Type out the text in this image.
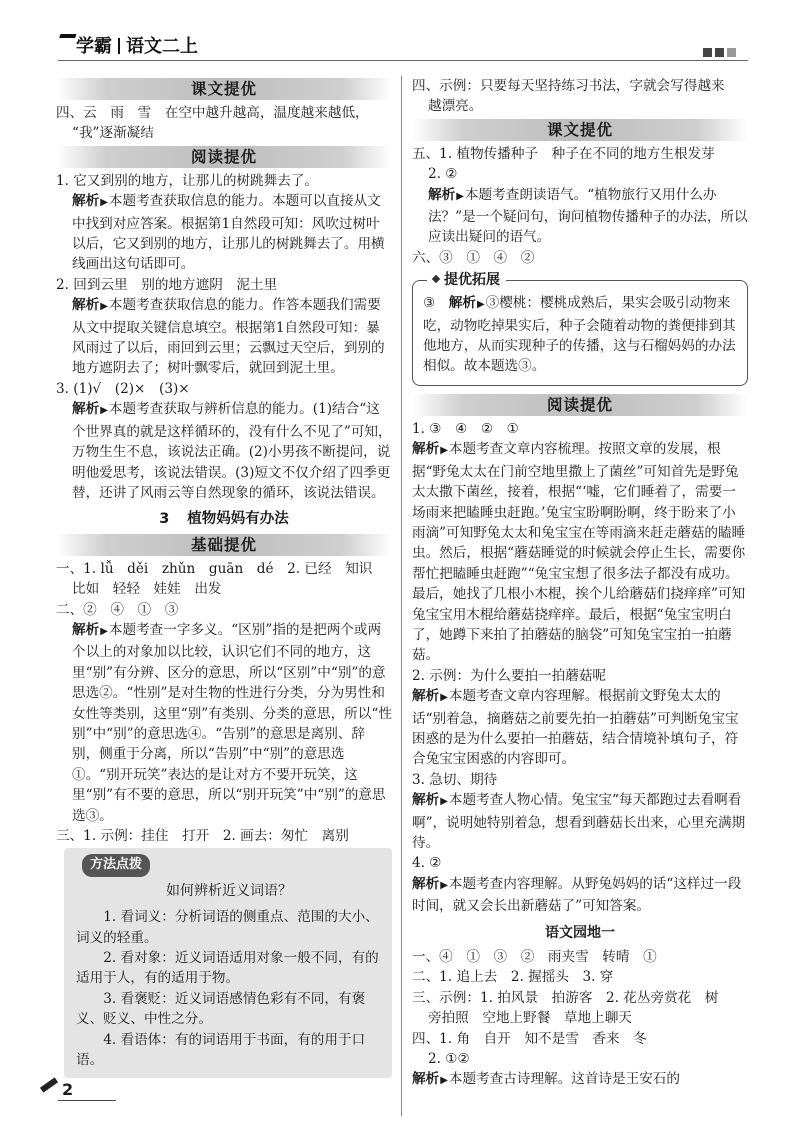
学霸 语文二上
课文提优

四、云　雨　雪　在空中越升越高，温度越来越低，

“我”逐渐凝结

阅读提优

1. 它又到别的地方，让那儿的树跳舞去了。

解析 ▶ 本题考查获取信息的能力。本题可以直接从文中找到对应答案。根据第1自然段可知：风吹过树叶以后，它又到别的地方，让那儿的树跳舞去了。用横线画出这句话即可。

2. 回到云里　别的地方遮阴　泥土里

解析 ▶ 本题考查获取信息的能力。作答本题我们需要从文中提取关键信息填空。根据第1自然段可知：暴风雨过了以后，雨回到云里；云飘过天空后，到别的地方遮阴去了；树叶飘零后，就回到泥土里。

3. (1)√　(2)×　(3)×

解析 ▶ 本题考查获取与辨析信息的能力。(1)结合“这个世界真的就是这样循环的，没有什么不见了”可知，万物生生不息，该说法正确。(2)小男孩不断提问，说明他爱思考，该说法错误。(3)短文不仅介绍了四季更替，还讲了风雨云等自然现象的循环，该说法错误。

3 植物妈妈有办法
基础提优

一、1. lǚ　děi　zhǔn　guān　dé　2. 已经　知识

比如　轻轻　娃娃　出发

二、②　④　①　③

解析 ▶ 本题考查一字多义。“区别”指的是把两个或两个以上的对象加以比较，认识它们不同的地方，这里“别”有分辨、区分的意思，所以“区别”中“别”的意思选②。“性别”是对生物的性进行分类，分为男性和女性等类别，这里“别”有类别、分类的意思，所以“性别”中“别”的意思选④。“告别”的意思是离别、辞别，侧重于分离，所以“告别”中“别”的意思选①。“别开玩笑”表达的是让对方不要开玩笑，这里“别”有不要的意思，所以“别开玩笑”中“别”的意思选③。

三、1. 示例：挂住　打开　2. 画去：匆忙　离别

方法点拨
如何辨析近义词语？

1. 看词义：分析词语的侧重点、范围的大小、词义的轻重。

2. 看对象：近义词语适用对象一般不同，有的适用于人，有的适用于物。

3. 看褒贬：近义词语感情色彩有不同，有褒义、贬义、中性之分。

4. 看语体：有的词语用于书面，有的用于口语。

四、示例：只要每天坚持练习书法，字就会写得越来

越漂亮。

课文提优

五、1. 植物传播种子　种子在不同的地方生根发芽

2. ②

解析 ▶ 本题考查朗读语气。“植物旅行又用什么办法？”是一个疑问句，询问植物传播种子的办法，所以应读出疑问的语气。

六、③　①　④　②

提优拓展

③　 解析 ▶ ③樱桃：樱桃成熟后，果实会吸引动物来吃，动物吃掉果实后，种子会随着动物的粪便排到其他地方，从而实现种子的传播，这与石榴妈妈的办法相似。故本题选③。

阅读提优

1. ③　④　②　①

解析 ▶ 本题考查文章内容梳理。按照文章的发展，根据“野兔太太在门前空地里撒上了菌丝”可知首先是野兔太太撒下菌丝，接着，根据“‘嘘，它们睡着了，需要一场雨来把瞌睡虫赶跑。’兔宝宝盼啊盼啊，终于盼来了小雨滴”可知野兔太太和兔宝宝在等雨滴来赶走蘑菇的瞌睡虫。然后，根据“蘑菇睡觉的时候就会停止生长，需要你帮忙把瞌睡虫赶跑”“兔宝宝想了很多法子都没有成功。最后，她找了几根小木棍，挨个儿给蘑菇们挠痒痒”可知兔宝宝用木棍给蘑菇挠痒痒。最后，根据“兔宝宝明白了，她蹲下来拍了拍蘑菇的脑袋”可知兔宝宝拍一拍蘑菇。

2. 示例：为什么要拍一拍蘑菇呢

解析 ▶ 本题考查文章内容理解。根据前文野兔太太的话“别着急，摘蘑菇之前要先拍一拍蘑菇”可判断兔宝宝困惑的是为什么要拍一拍蘑菇，结合情境补填句子，符合兔宝宝困惑的内容即可。

3. 急切、期待

解析 ▶ 本题考查人物心情。兔宝宝“每天都跑过去看啊看啊”，说明她特别着急，想看到蘑菇长出来，心里充满期待。

4. ②

解析 ▶ 本题考查内容理解。从野兔妈妈的话“这样过一段时间，就又会长出新蘑菇了”可知答案。

语文园地一

一、④　①　③　②　雨夹雪　转晴　①

二、1. 追上去　2. 握摇头　3. 穿

三、示例：1. 拍风景　拍游客　2. 花丛旁赏花　树

旁拍照　空地上野餐　草地上聊天

四、1. 角　自开　知不是雪　香来　冬

2. ①②

解析 ▶ 本题考查古诗理解。这首诗是王安石的

2
